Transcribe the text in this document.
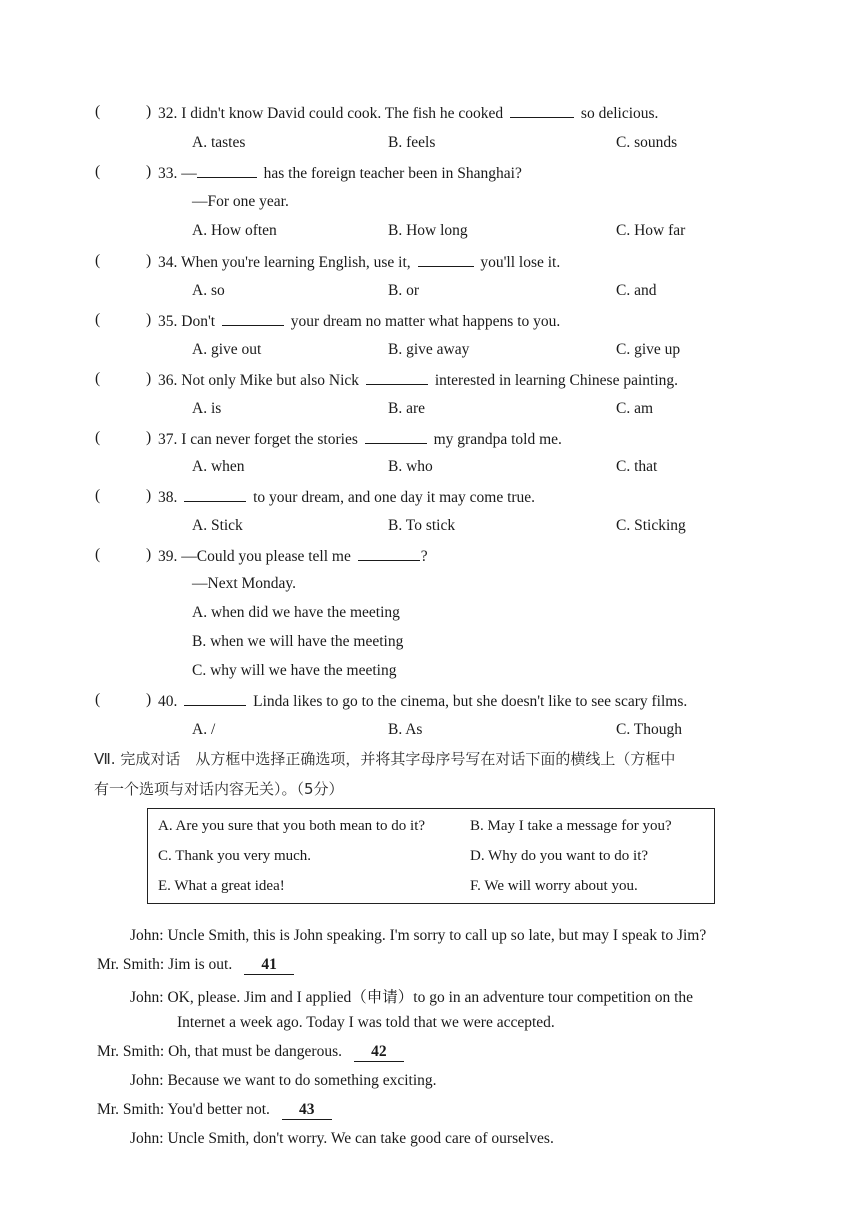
(	) 32. I didn't know David could cook. The fish he cooked	so delicious.
A. tastes	B. feels	C. sounds
(	) 33. —	has the foreign teacher been in Shanghai?
—For one year.
A. How often	B. How long	C. How far
(	) 34. When you're learning English, use it,	you'll lose it.
A. so	B. or	C. and
(	) 35. Don't	your dream no matter what happens to you.
A. give out	B. give away	C. give up
(	) 36. Not only Mike but also Nick	interested in learning Chinese painting.
A. is	B. are	C. am
(	) 37. I can never forget the stories	my grandpa told me.
A. when	B. who	C. that
(	) 38.	to your dream, and one day it may come true.
A. Stick	B. To stick	C. Sticking
(	) 39. —Could you please tell me	?
—Next Monday.
A. when did we have the meeting
B. when we will have the meeting
C. why will we have the meeting
(	) 40.	Linda likes to go to the cinema, but she doesn't like to see scary films.
A. /	B. As	C. Though
Ⅶ. 完成对话　从方框中选择正确选项，并将其字母序号写在对话下面的横线上（方框中
有一个选项与对话内容无关）。（5分）
A. Are you sure that you both mean to do it?	B. May I take a message for you?
C. Thank you very much.	D. Why do you want to do it?
E. What a great idea!	F. We will worry about you.
John: Uncle Smith, this is John speaking. I'm sorry to call up so late, but may I speak to Jim?
Mr. Smith: Jim is out. 41
John: OK, please. Jim and I applied（申请）to go in an adventure tour competition on the
Internet a week ago. Today I was told that we were accepted.
Mr. Smith: Oh, that must be dangerous. 42
John: Because we want to do something exciting.
Mr. Smith: You'd better not. 43
John: Uncle Smith, don't worry. We can take good care of ourselves.
